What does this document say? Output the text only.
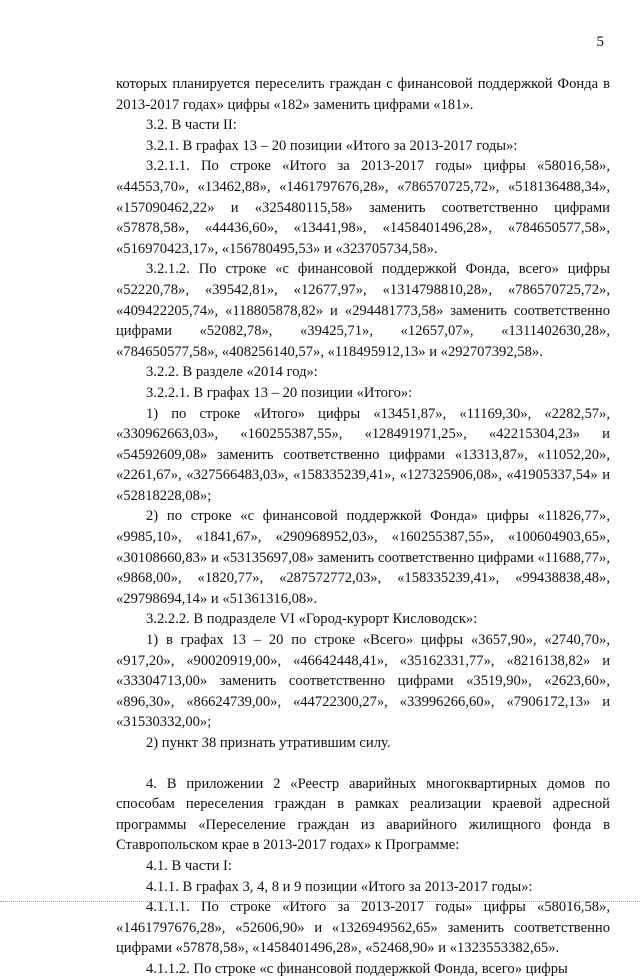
5

которых планируется переселить граждан с финансовой поддержкой Фонда в 2013-2017 годах» цифры «182» заменить цифрами «181».

3.2. В части II:

3.2.1. В графах 13 – 20 позиции «Итого за 2013-2017 годы»:

3.2.1.1. По строке «Итого за 2013-2017 годы» цифры «58016,58», «44553,70», «13462,88», «1461797676,28», «786570725,72», «518136488,34», «157090462,22» и «325480115,58» заменить соответственно цифрами «57878,58», «44436,60», «13441,98», «1458401496,28», «784650577,58», «516970423,17», «156780495,53» и «323705734,58».

3.2.1.2. По строке «с финансовой поддержкой Фонда, всего» цифры «52220,78», «39542,81», «12677,97», «1314798810,28», «786570725,72», «409422205,74», «118805878,82» и «294481773,58» заменить соответственно цифрами «52082,78», «39425,71», «12657,07», «1311402630,28», «784650577,58», «408256140,57», «118495912,13» и «292707392,58».

3.2.2. В разделе «2014 год»:

3.2.2.1. В графах 13 – 20 позиции «Итого»:

1) по строке «Итого» цифры «13451,87», «11169,30», «2282,57», «330962663,03», «160255387,55», «128491971,25», «42215304,23» и «54592609,08» заменить соответственно цифрами «13313,87», «11052,20», «2261,67», «327566483,03», «158335239,41», «127325906,08», «41905337,54» и «52818228,08»;

2) по строке «с финансовой поддержкой Фонда» цифры «11826,77», «9985,10», «1841,67», «290968952,03», «160255387,55», «100604903,65», «30108660,83» и «53135697,08» заменить соответственно цифрами «11688,77», «9868,00», «1820,77», «287572772,03», «158335239,41», «99438838,48», «29798694,14» и «51361316,08».

3.2.2.2. В подразделе VI «Город-курорт Кисловодск»:

1) в графах 13 – 20 по строке «Всего» цифры «3657,90», «2740,70», «917,20», «90020919,00», «46642448,41», «35162331,77», «8216138,82» и «33304713,00» заменить соответственно цифрами «3519,90», «2623,60», «896,30», «86624739,00», «44722300,27», «33996266,60», «7906172,13» и «31530332,00»;

2) пункт 38 признать утратившим силу.

4. В приложении 2 «Реестр аварийных многоквартирных домов по способам переселения граждан в рамках реализации краевой адресной программы «Переселение граждан из аварийного жилищного фонда в Ставропольском крае в 2013-2017 годах» к Программе:

4.1. В части I:

4.1.1. В графах 3, 4, 8 и 9 позиции «Итого за 2013-2017 годы»:

4.1.1.1. По строке «Итого за 2013-2017 годы» цифры «58016,58», «1461797676,28», «52606,90» и «1326949562,65» заменить соответственно цифрами «57878,58», «1458401496,28», «52468,90» и «1323553382,65».

4.1.1.2. По строке «с финансовой поддержкой Фонда, всего» цифры
